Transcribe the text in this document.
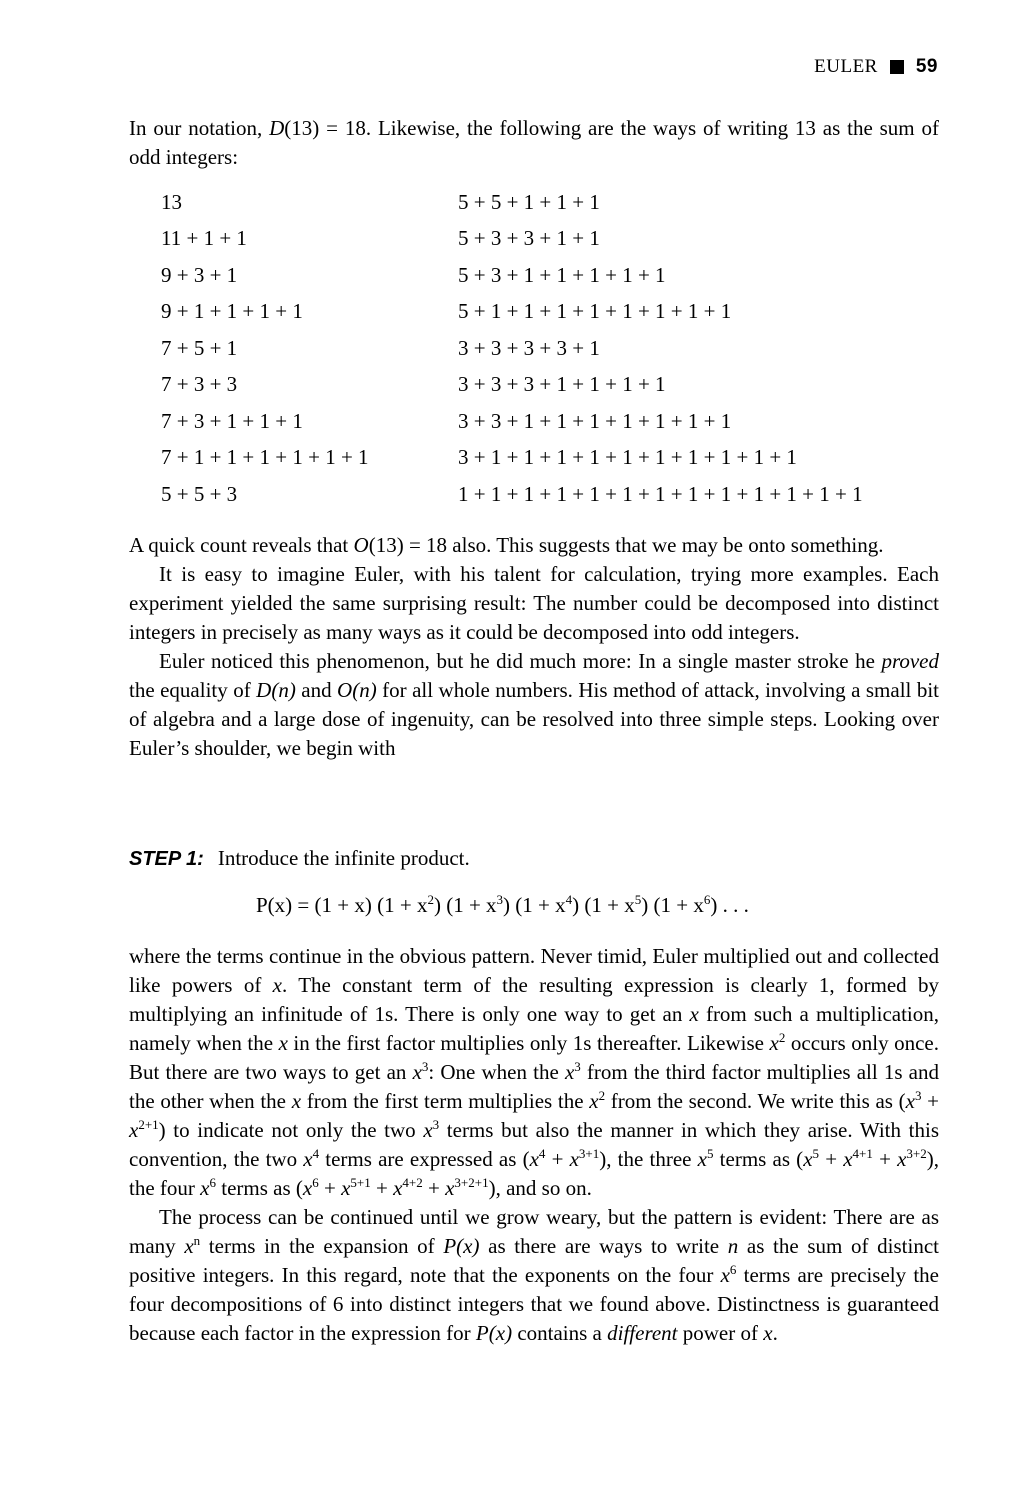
EULER 59

In our notation, D(13) = 18. Likewise, the following are the ways of writing 13 as the sum of odd integers:

13	5 + 5 + 1 + 1 + 1
11 + 1 + 1	5 + 3 + 3 + 1 + 1
9 + 3 + 1	5 + 3 + 1 + 1 + 1 + 1 + 1
9 + 1 + 1 + 1 + 1	5 + 1 + 1 + 1 + 1 + 1 + 1 + 1 + 1
7 + 5 + 1	3 + 3 + 3 + 3 + 1
7 + 3 + 3	3 + 3 + 3 + 1 + 1 + 1 + 1
7 + 3 + 1 + 1 + 1	3 + 3 + 1 + 1 + 1 + 1 + 1 + 1 + 1
7 + 1 + 1 + 1 + 1 + 1 + 1	3 + 1 + 1 + 1 + 1 + 1 + 1 + 1 + 1 + 1 + 1
5 + 5 + 3	1 + 1 + 1 + 1 + 1 + 1 + 1 + 1 + 1 + 1 + 1 + 1 + 1

A quick count reveals that O(13) = 18 also. This suggests that we may be onto something.

It is easy to imagine Euler, with his talent for calculation, trying more examples. Each experiment yielded the same surprising result: The number could be decomposed into distinct integers in precisely as many ways as it could be decomposed into odd integers.

Euler noticed this phenomenon, but he did much more: In a single master stroke he proved the equality of D(n) and O(n) for all whole numbers. His method of attack, involving a small bit of algebra and a large dose of ingenuity, can be resolved into three simple steps. Looking over Euler’s shoulder, we begin with

STEP 1: Introduce the infinite product.
P(x) = (1 + x) $(1 + x^2)$ $(1 + x^3)$ $(1 + x^4)$ $(1 + x^5)$ $(1 + x^6)$ . . .

where the terms continue in the obvious pattern. Never timid, Euler multiplied out and collected like powers of x. The constant term of the resulting expression is clearly 1, formed by multiplying an infinitude of 1s. There is only one way to get an x from such a multiplication, namely when the x in the first factor multiplies only 1s thereafter. Likewise $x^2$ occurs only once. But there are two ways to get an $x^3$: One when the $x^3$ from the third factor multiplies all 1s and the other when the x from the first term multiplies the $x^2$ from the second. We write this as $(x^3 + x^{2+1})$ to indicate not only the two $x^3$ terms but also the manner in which they arise. With this convention, the two $x^4$ terms are expressed as $(x^4 + x^{3+1})$, the three $x^5$ terms as $(x^5 + x^{4+1} + x^{3+2})$, the four $x^6$ terms as $(x^6 + x^{5+1} + x^{4+2} + x^{3+2+1})$, and so on.

The process can be continued until we grow weary, but the pattern is evident: There are as many $x^n$ terms in the expansion of P(x) as there are ways to write n as the sum of distinct positive integers. In this regard, note that the exponents on the four $x^6$ terms are precisely the four decompositions of 6 into distinct integers that we found above. Distinctness is guaranteed because each factor in the expression for P(x) contains a different power of x.
